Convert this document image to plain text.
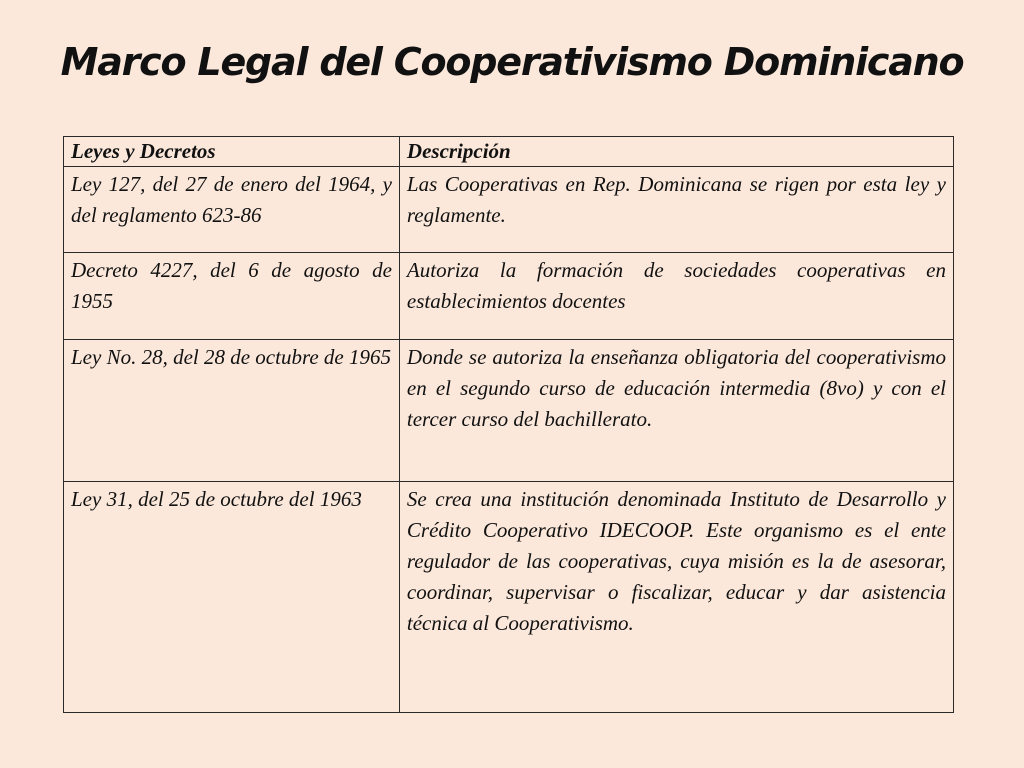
Marco Legal del Cooperativismo Dominicano
Leyes y Decretos	Descripción

Ley 127, del 27 de enero del 1964, y del reglamento 623-86	Las Cooperativas en Rep. Dominicana se rigen por esta ley y reglamente.

Decreto 4227, del 6 de agosto de 1955	Autoriza la formación de sociedades cooperativas en establecimientos docentes

Ley No. 28, del 28 de octubre de 1965	Donde se autoriza la enseñanza obligatoria del cooperativismo en el segundo curso de educación intermedia (8vo) y con el tercer curso del bachillerato.

Ley 31, del 25 de octubre del 1963	Se crea una institución denominada Instituto de Desarrollo y Crédito Cooperativo IDECOOP. Este organismo es el ente regulador de las cooperativas, cuya misión es la de asesorar, coordinar, supervisar o fiscalizar, educar y dar asistencia técnica al Cooperativismo.
